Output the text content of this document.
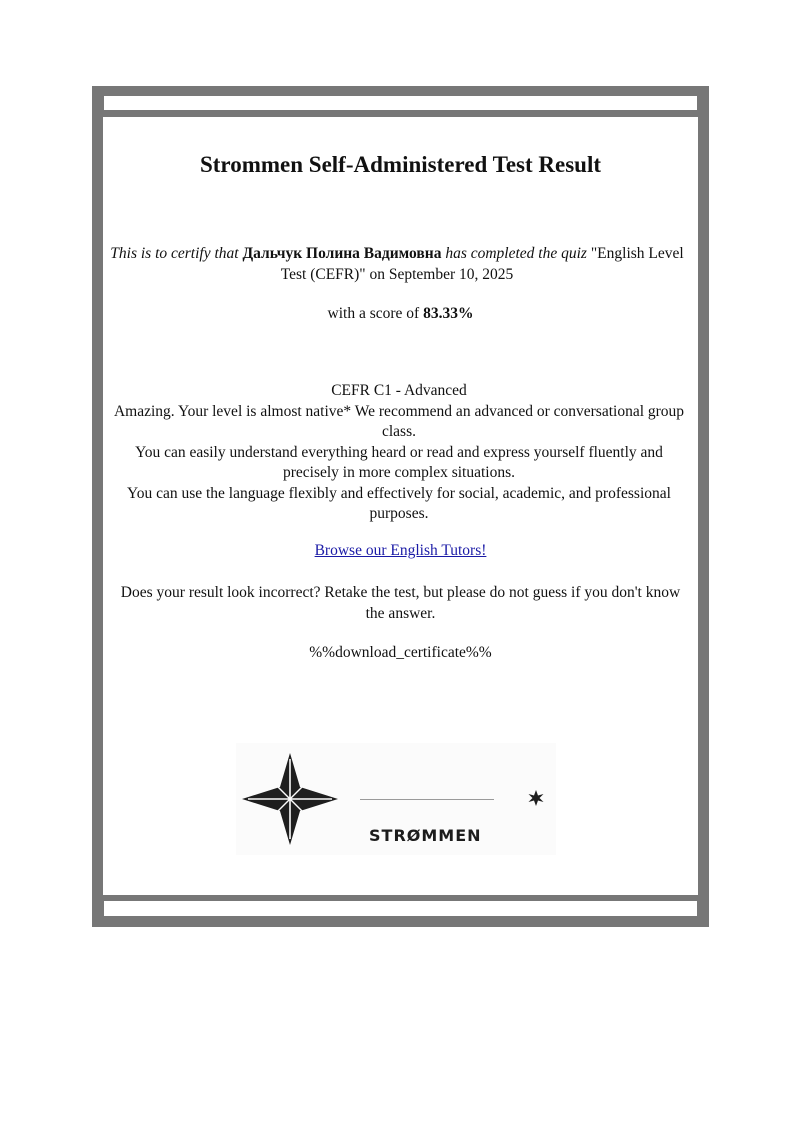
Strommen Self-Administered Test Result

This is to certify that Дальчук Полина Вадимовна has completed the quiz "English Level
Test (CEFR)" on September 10, 2025

with a score of 83.33%

CEFR C1 - Advanced
Amazing. Your level is almost native* We recommend an advanced or conversational group
class.
You can easily understand everything heard or read and express yourself fluently and
precisely in more complex situations.
You can use the language flexibly and effectively for social, academic, and professional
purposes.

Browse our English Tutors!

Does your result look incorrect? Retake the test, but please do not guess if you don't know
the answer.

%%download_certificate%%

STRØMMEN
